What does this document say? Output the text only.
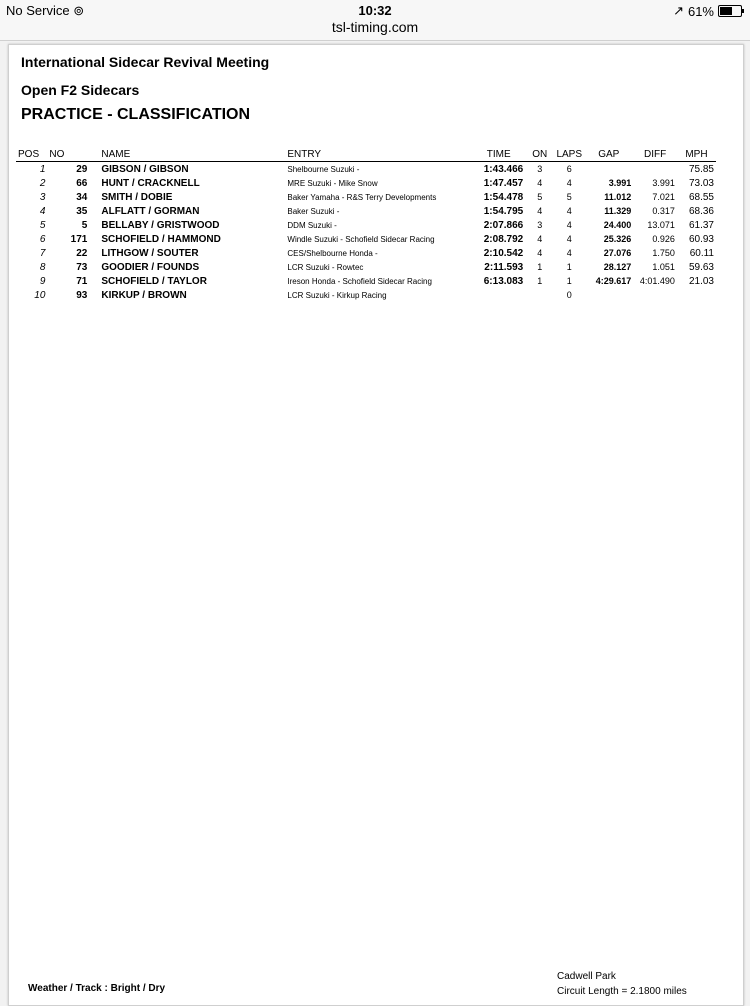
No Service ⊚	10:32	↗ 61%
tsl-timing.com
International Sidecar Revival Meeting
Open F2 Sidecars
PRACTICE - CLASSIFICATION
POS	NO	NAME	ENTRY	TIME	ON	LAPS	GAP	DIFF	MPH
1	29	GIBSON / GIBSON	Shelbourne Suzuki -	1:43.466	3	6			75.85
2	66	HUNT / CRACKNELL	MRE Suzuki - Mike Snow	1:47.457	4	4	3.991	3.991	73.03
3	34	SMITH / DOBIE	Baker Yamaha - R&S Terry Developments	1:54.478	5	5	11.012	7.021	68.55
4	35	ALFLATT / GORMAN	Baker Suzuki -	1:54.795	4	4	11.329	0.317	68.36
5	5	BELLABY / GRISTWOOD	DDM Suzuki -	2:07.866	3	4	24.400	13.071	61.37
6	171	SCHOFIELD / HAMMOND	Windle Suzuki - Schofield Sidecar Racing	2:08.792	4	4	25.326	0.926	60.93
7	22	LITHGOW / SOUTER	CES/Shelbourne Honda -	2:10.542	4	4	27.076	1.750	60.11
8	73	GOODIER / FOUNDS	LCR Suzuki - Rowtec	2:11.593	1	1	28.127	1.051	59.63
9	71	SCHOFIELD / TAYLOR	Ireson Honda - Schofield Sidecar Racing	6:13.083	1	1	4:29.617	4:01.490	21.03
10	93	KIRKUP / BROWN	LCR Suzuki - Kirkup Racing			0			
Weather / Track : Bright / Dry
Cadwell Park
Circuit Length = 2.1800 miles
